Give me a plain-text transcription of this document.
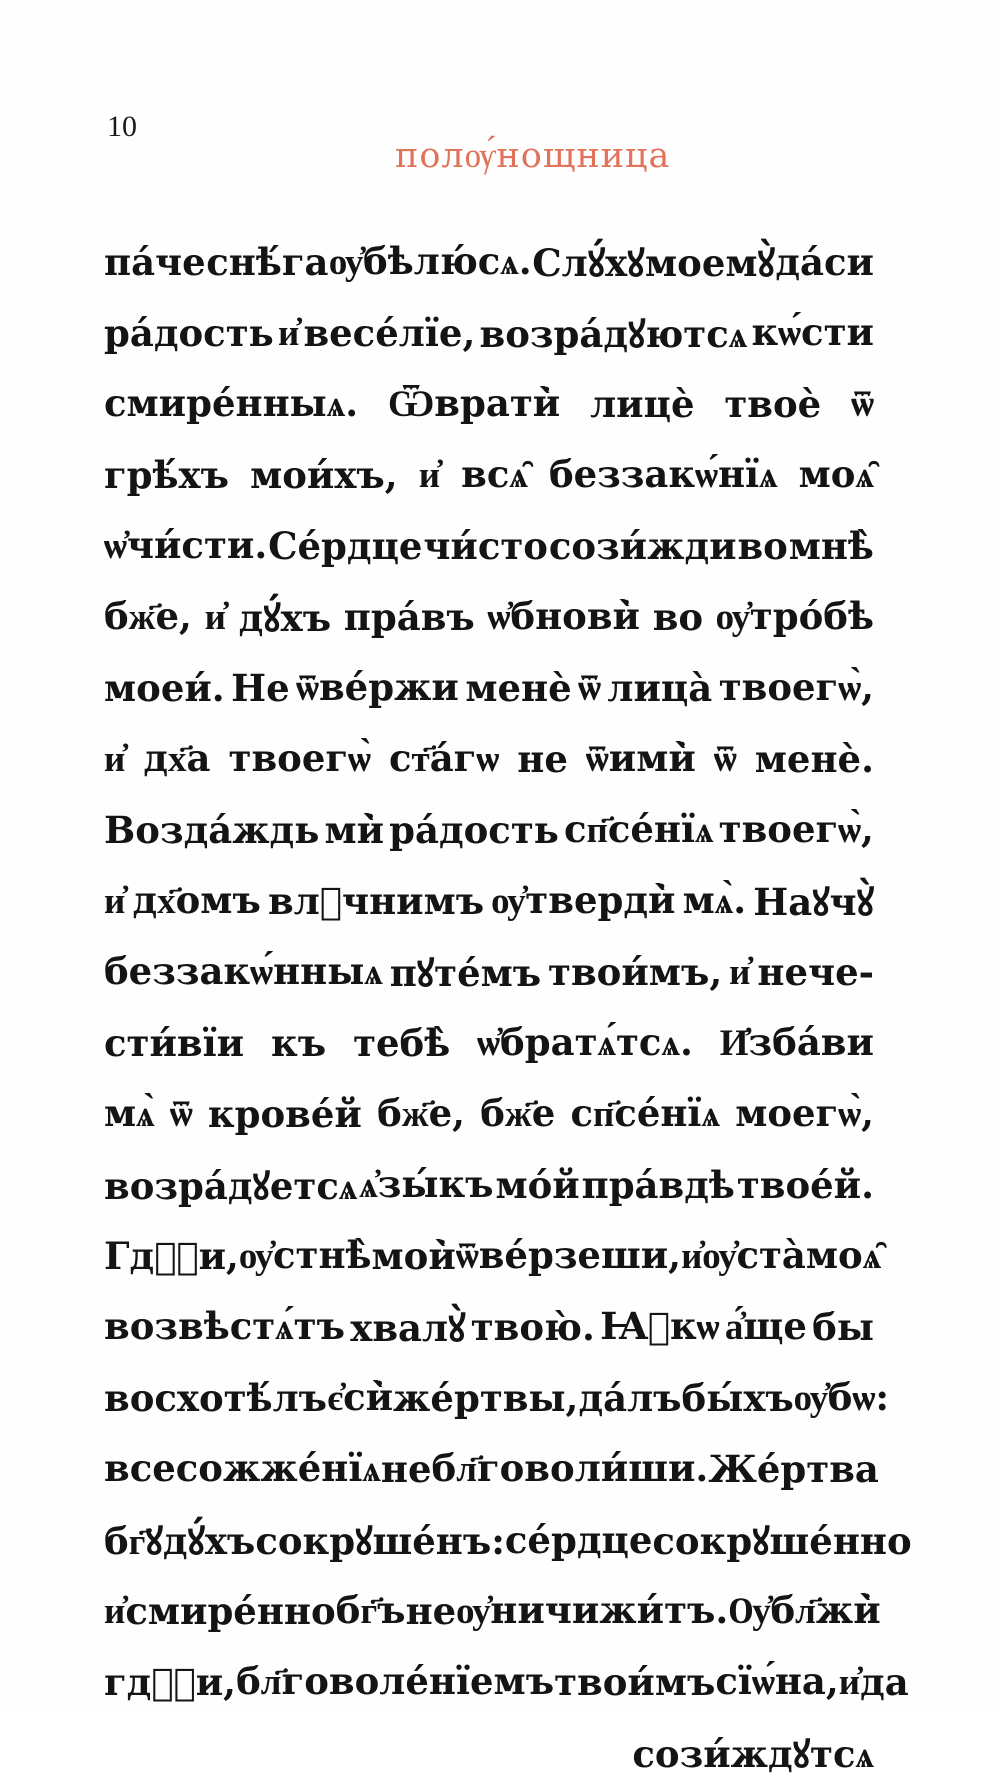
10
полѹ́нощница
па́че снѣ́га ѹ҆бѣлю́сѧ. Слꙋ́хꙋ моемꙋ̀ да́си
ра́дость и҆ весе́лїе, возра́дꙋютсѧ кѡ́сти
смире́нныѧ. Ѿврати̇̀ лицѐ твоѐ ѿ
грѣ́хъ мои́хъ, и҆ всѧ̑ беззакѡ́нїѧ моѧ̑
ѡ҆чи́сти. Се́рдце чи́сто сози́жди во мнѣ̀
бж҃е, и҆ дꙋ́хъ пра́въ ѡ҆бнови̇̀ во ѹ҆тро́бѣ
моеи́. Не ѿве́ржи менѐ ѿ лица̀ твоегѡ̀,
и҆ дх҃а твоегѡ̀ ст҃а́гѡ не ѿими̇̀ ѿ менѐ.
Возда́ждь ми̇̀ ра́дость сп҃се́нїѧ твоегѡ̀,
и҆ дх҃омъ влⷣчнимъ ѹ҆тверди̇̀ мѧ̀. Наꙋчꙋ̀
беззакѡ́нныѧ пꙋте́мъ твои́мъ, и҆ нече-
сти́вїи къ тебѣ̀ ѡ҆братѧ́тсѧ. И҆зба́ви
мѧ̀ ѿ крове́й бж҃е, бж҃е сп҃се́нїѧ моегѡ̀,
возра́дꙋетсѧ ѧ҆зы́къ мо́й пра́вдѣ твое́й.
Гдⷭ҇и, ѹ҆стнѣ̀ мои̇̀ ѿве́рзеши, и҆ ѹ҆ста̀ моѧ̑
возвѣстѧ́тъ хвалꙋ̀ твою̀. Ꙗ҆кѡ а҆́ще бы
восхотѣ́лъ є҆си̇̀ же́ртвы, да́лъ бы́хъ ѹ҆бѡ:
всесожже́нїѧ не бл҃говоли́ши. Же́ртва
бг҃ꙋ дꙋ́хъ сокрꙋше́нъ: се́рдце сокрꙋше́нно
и҆ смире́нно бг҃ъ не ѹ҆ничижи́тъ. Ѹ҆бл҃жи̇̀
гдⷭ҇и, бл҃говоле́нїемъ твои́мъ сїѡ́на, и҆ да
сози́ждꙋтсѧ
